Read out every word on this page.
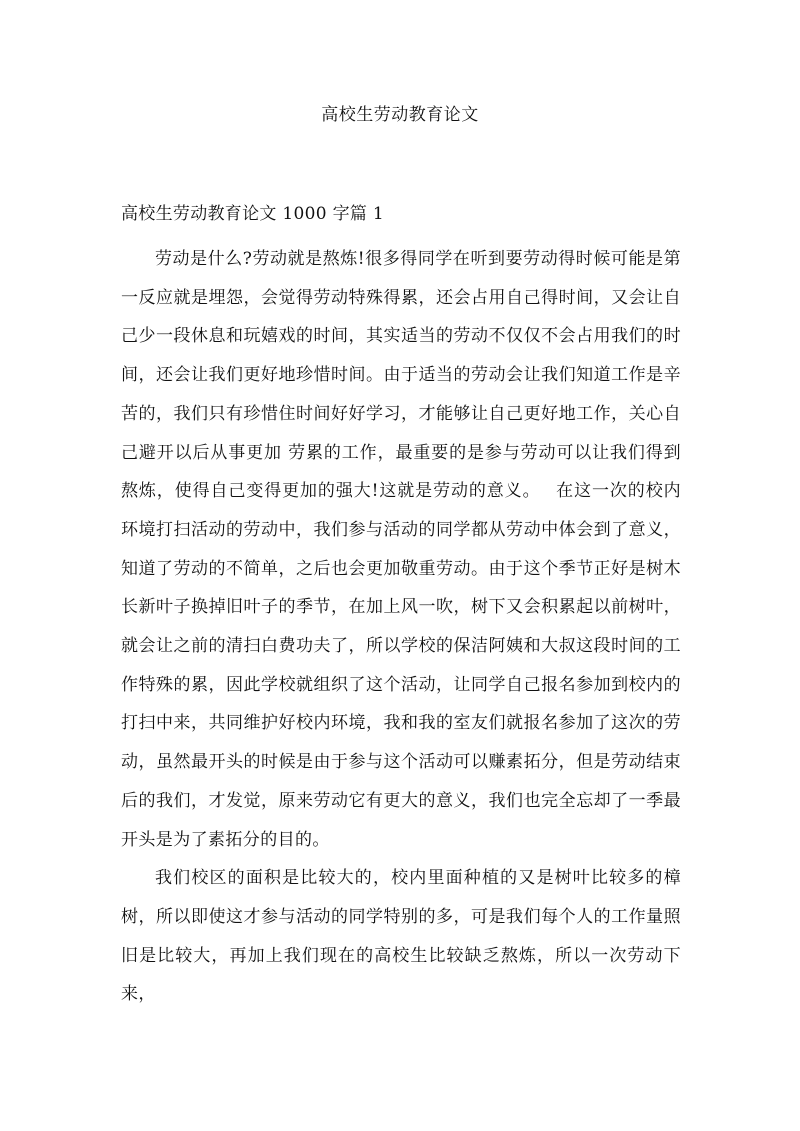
高校生劳动教育论文
高校生劳动教育论文 1000 字篇 1

劳动是什么?劳动就是熬炼!很多得同学在听到要劳动得时候可能是第一反应就是埋怨，会觉得劳动特殊得累，还会占用自己得时间，又会让自己少一段休息和玩嬉戏的时间，其实适当的劳动不仅仅不会占用我们的时间，还会让我们更好地珍惜时间。由于适当的劳动会让我们知道工作是辛苦的，我们只有珍惜住时间好好学习，才能够让自己更好地工作，关心自己避开以后从事更加 劳累的工作，最重要的是参与劳动可以让我们得到熬炼，使得自己变得更加的强大!这就是劳动的意义。　 在这一次的校内环境打扫活动的劳动中，我们参与活动的同学都从劳动中体会到了意义，知道了劳动的不简单，之后也会更加敬重劳动。由于这个季节正好是树木长新叶子换掉旧叶子的季节，在加上风一吹，树下又会积累起以前树叶，就会让之前的清扫白费功夫了，所以学校的保洁阿姨和大叔这段时间的工作特殊的累，因此学校就组织了这个活动，让同学自己报名参加到校内的打扫中来，共同维护好校内环境，我和我的室友们就报名参加了这次的劳动，虽然最开头的时候是由于参与这个活动可以赚素拓分，但是劳动结束后的我们，才发觉，原来劳动它有更大的意义，我们也完全忘却了一季最开头是为了素拓分的目的。

我们校区的面积是比较大的，校内里面种植的又是树叶比较多的樟树，所以即使这才参与活动的同学特别的多，可是我们每个人的工作量照旧是比较大，再加上我们现在的高校生比较缺乏熬炼，所以一次劳动下来，
